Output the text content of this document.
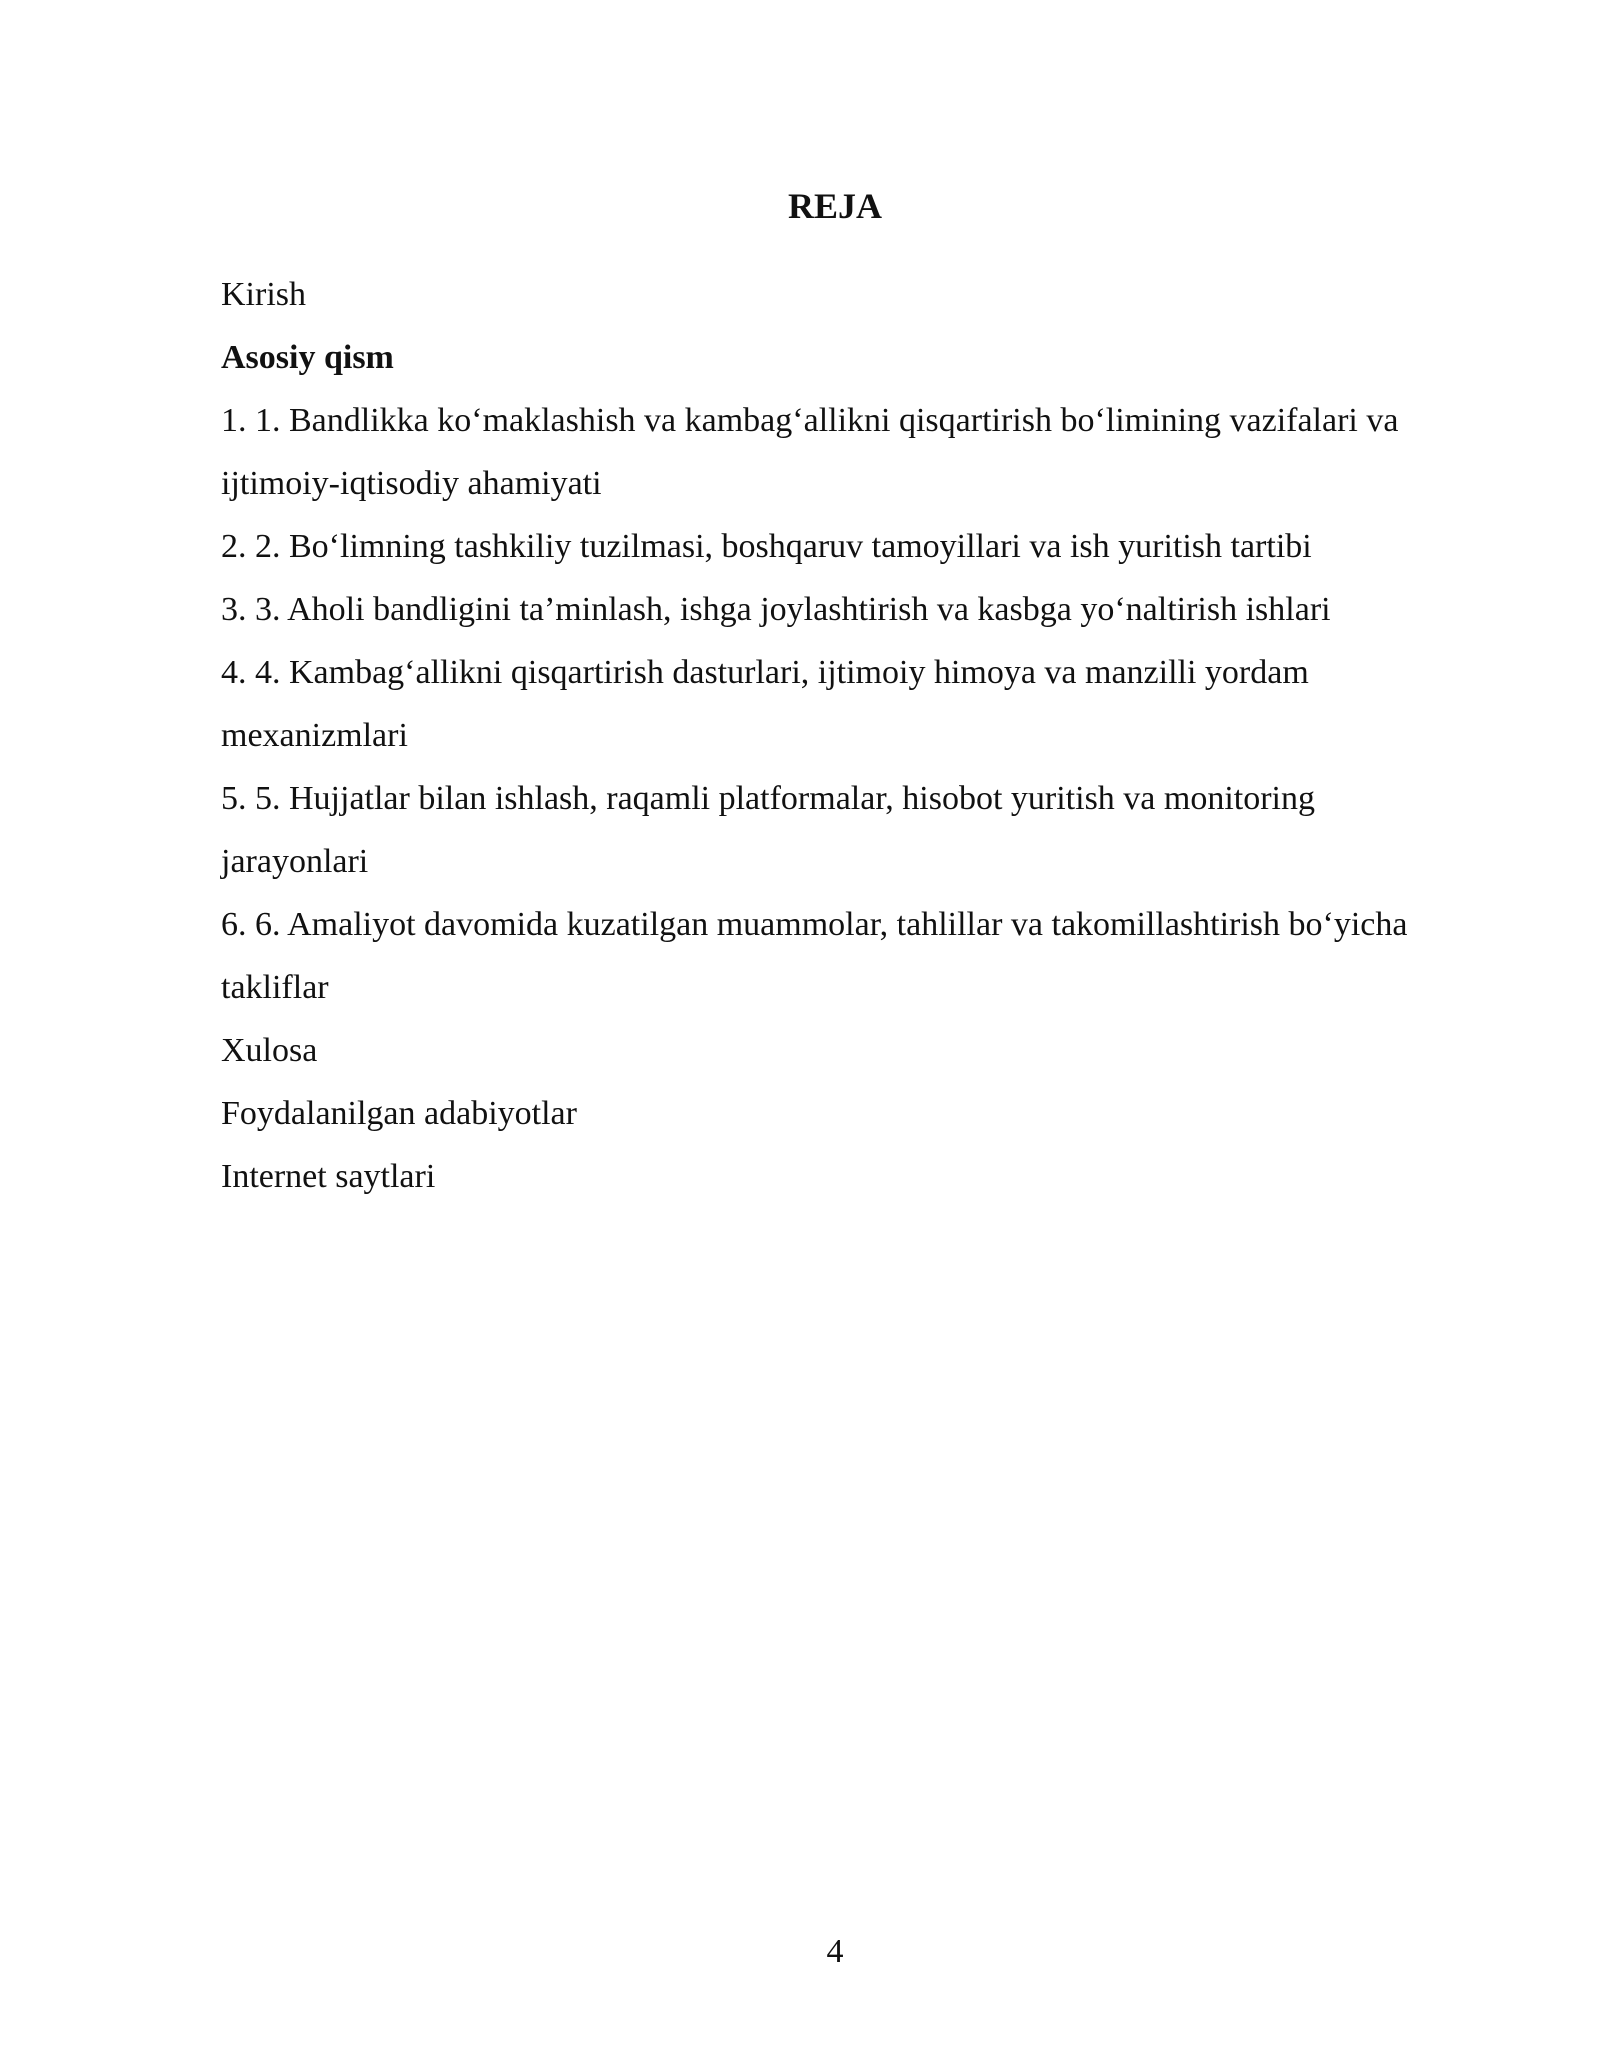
REJA

Kirish

Asosiy qism

1. 1. Bandlikka ko‘maklashish va kambag‘allikni qisqartirish bo‘limining vazifalari va ijtimoiy-iqtisodiy ahamiyati

2. 2. Bo‘limning tashkiliy tuzilmasi, boshqaruv tamoyillari va ish yuritish tartibi

3. 3. Aholi bandligini ta’minlash, ishga joylashtirish va kasbga yo‘naltirish ishlari

4. 4. Kambag‘allikni qisqartirish dasturlari, ijtimoiy himoya va manzilli yordam mexanizmlari

5. 5. Hujjatlar bilan ishlash, raqamli platformalar, hisobot yuritish va monitoring jarayonlari

6. 6. Amaliyot davomida kuzatilgan muammolar, tahlillar va takomillashtirish bo‘yicha takliflar

Xulosa

Foydalanilgan adabiyotlar

Internet saytlari

4
